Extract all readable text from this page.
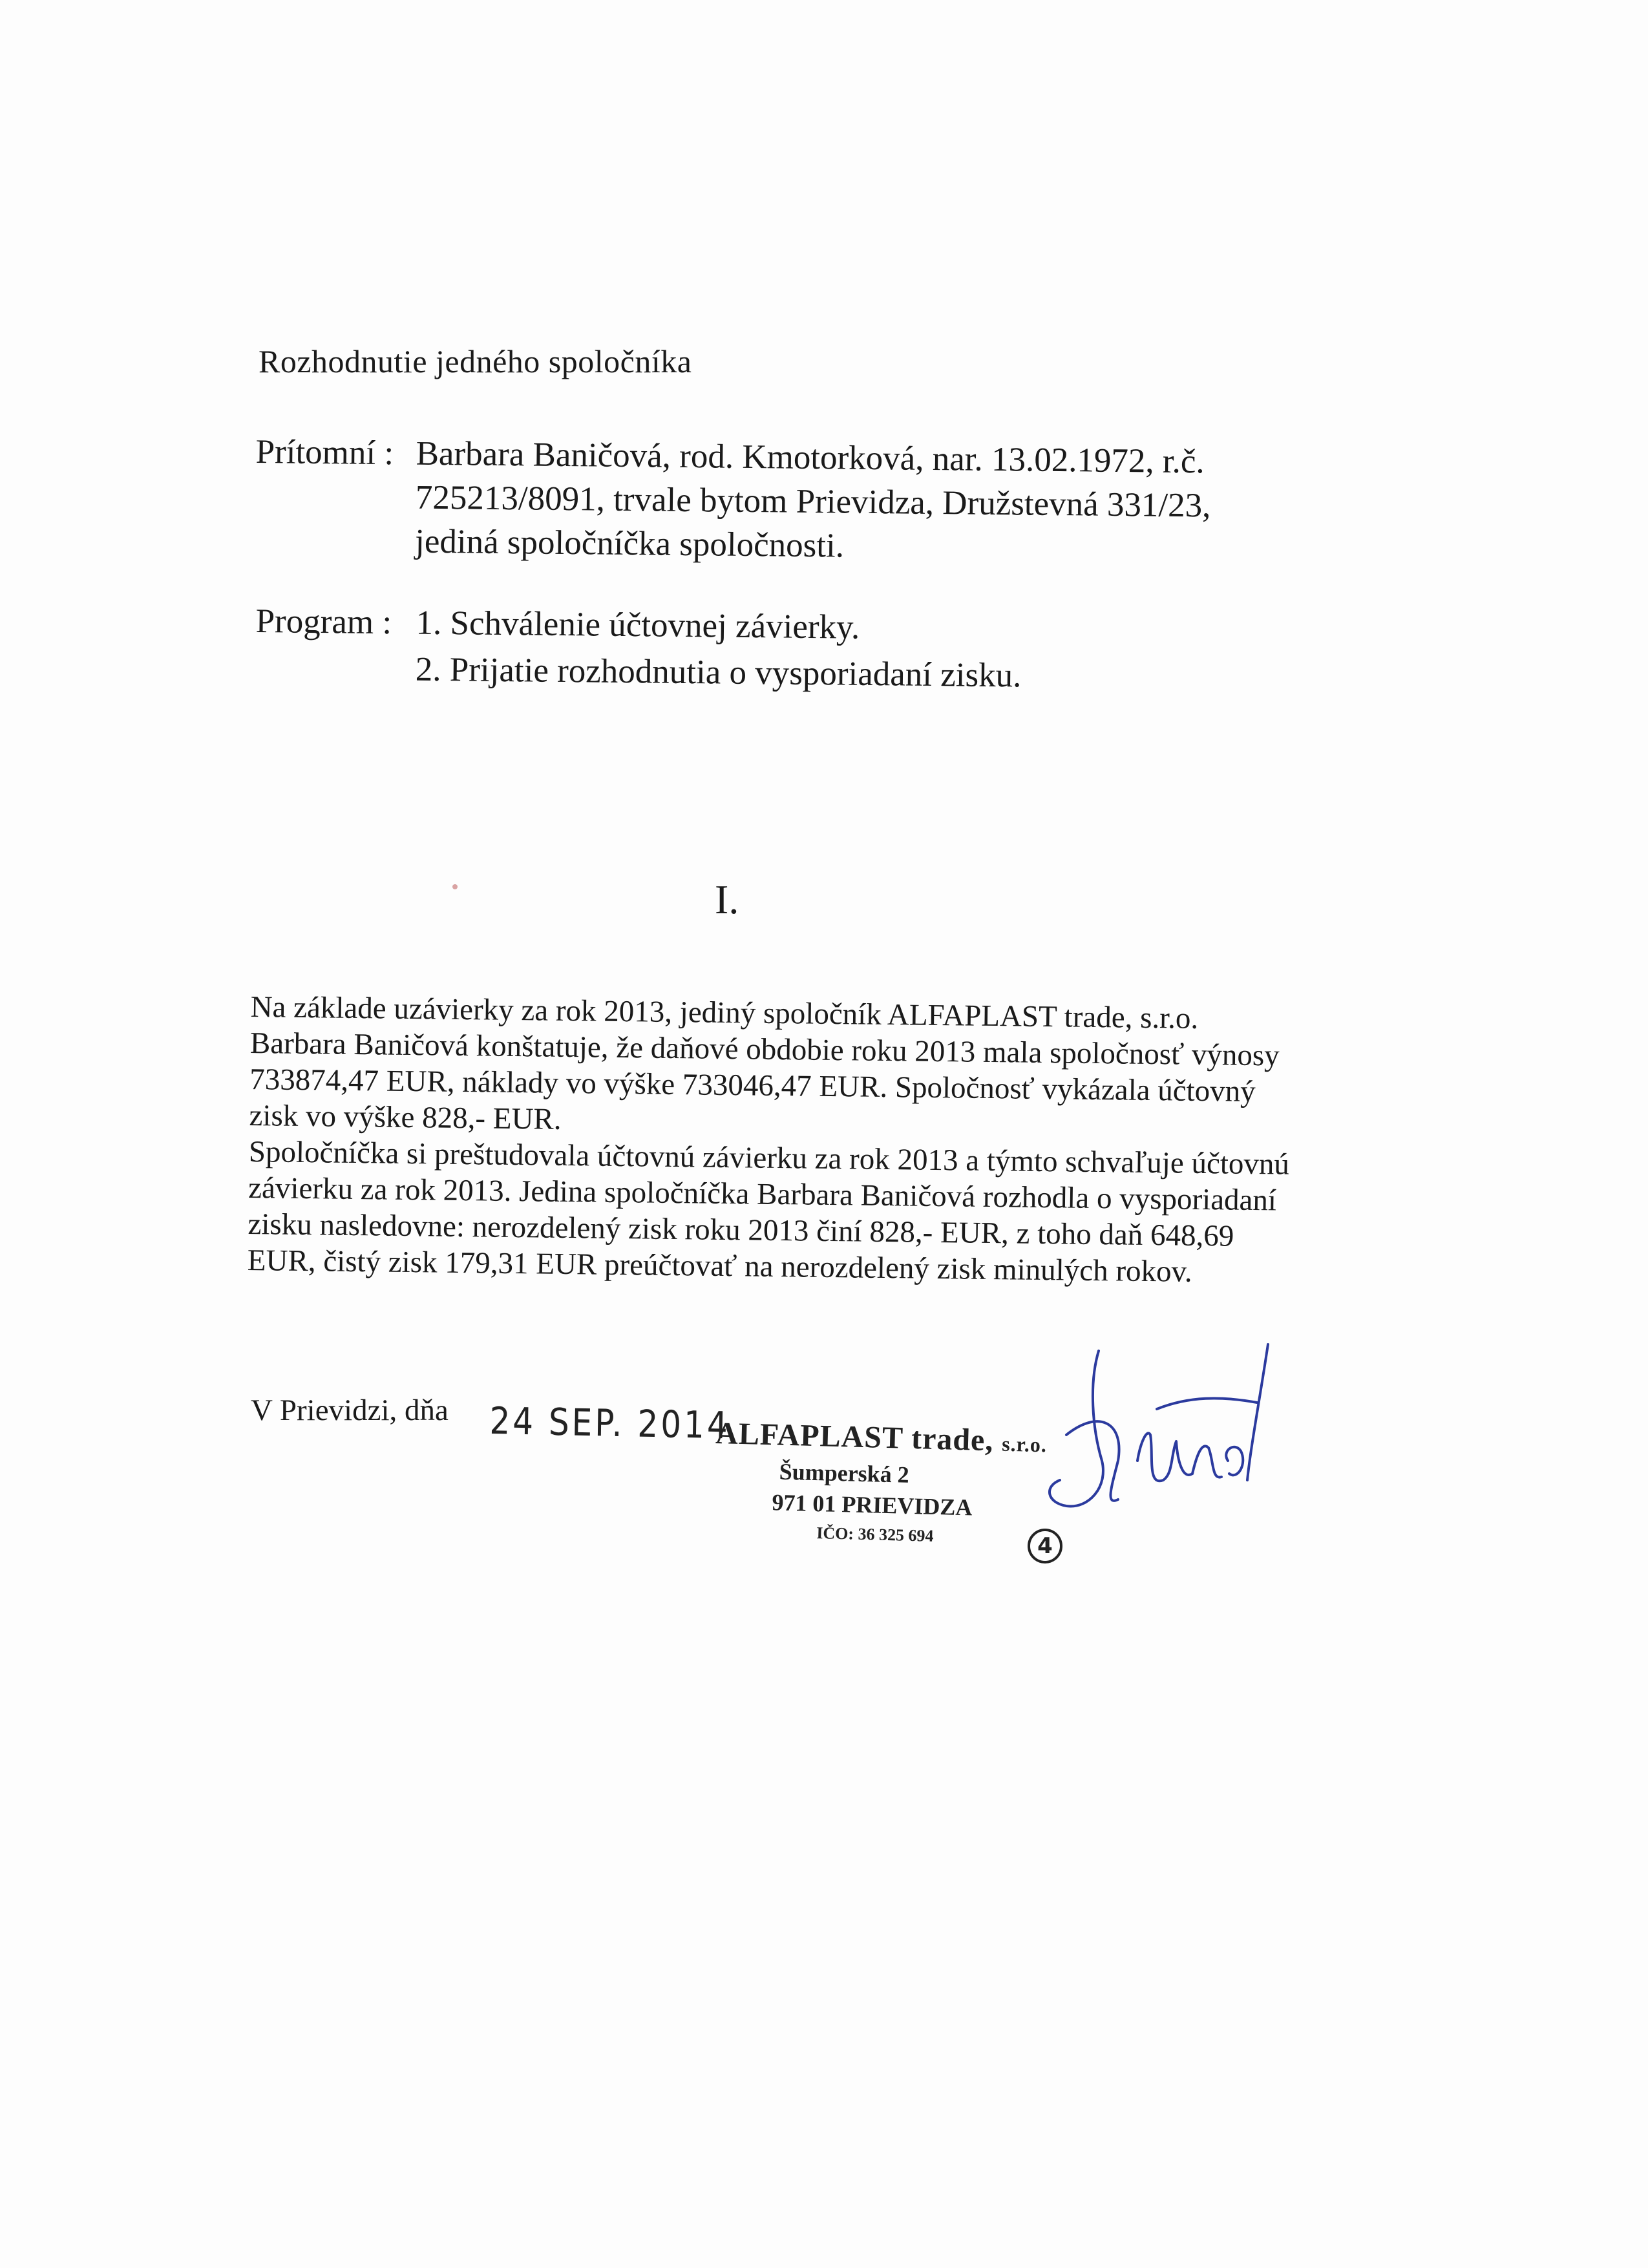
Rozhodnutie jedného spoločníka
Prítomní : Barbara Baničová, rod. Kmotorková, nar. 13.02.1972, r.č.
725213/8091, trvale bytom Prievidza, Družstevná 331/23,
jediná spoločníčka spoločnosti.
Program : 1. Schválenie účtovnej závierky.
2. Prijatie rozhodnutia o vysporiadaní zisku.
I.
Na základe uzávierky za rok 2013, jediný spoločník ALFAPLAST trade, s.r.o.
Barbara Baničová konštatuje, že daňové obdobie roku 2013 mala spoločnosť výnosy
733874,47 EUR, náklady vo výške 733046,47 EUR. Spoločnosť vykázala účtovný
zisk vo výške 828,- EUR.
Spoločníčka si preštudovala účtovnú závierku za rok 2013 a týmto schvaľuje účtovnú
závierku za rok 2013. Jedina spoločníčka Barbara Baničová rozhodla o vysporiadaní
zisku nasledovne: nerozdelený zisk roku 2013 činí 828,- EUR, z toho daň 648,69
EUR, čistý zisk 179,31 EUR preúčtovať na nerozdelený zisk minulých rokov.
V Prievidzi, dňa 24 SEP. 2014
ALFAPLAST trade, s.r.o.
Šumperská 2
971 01 PRIEVIDZA
IČO: 36 325 694	4
